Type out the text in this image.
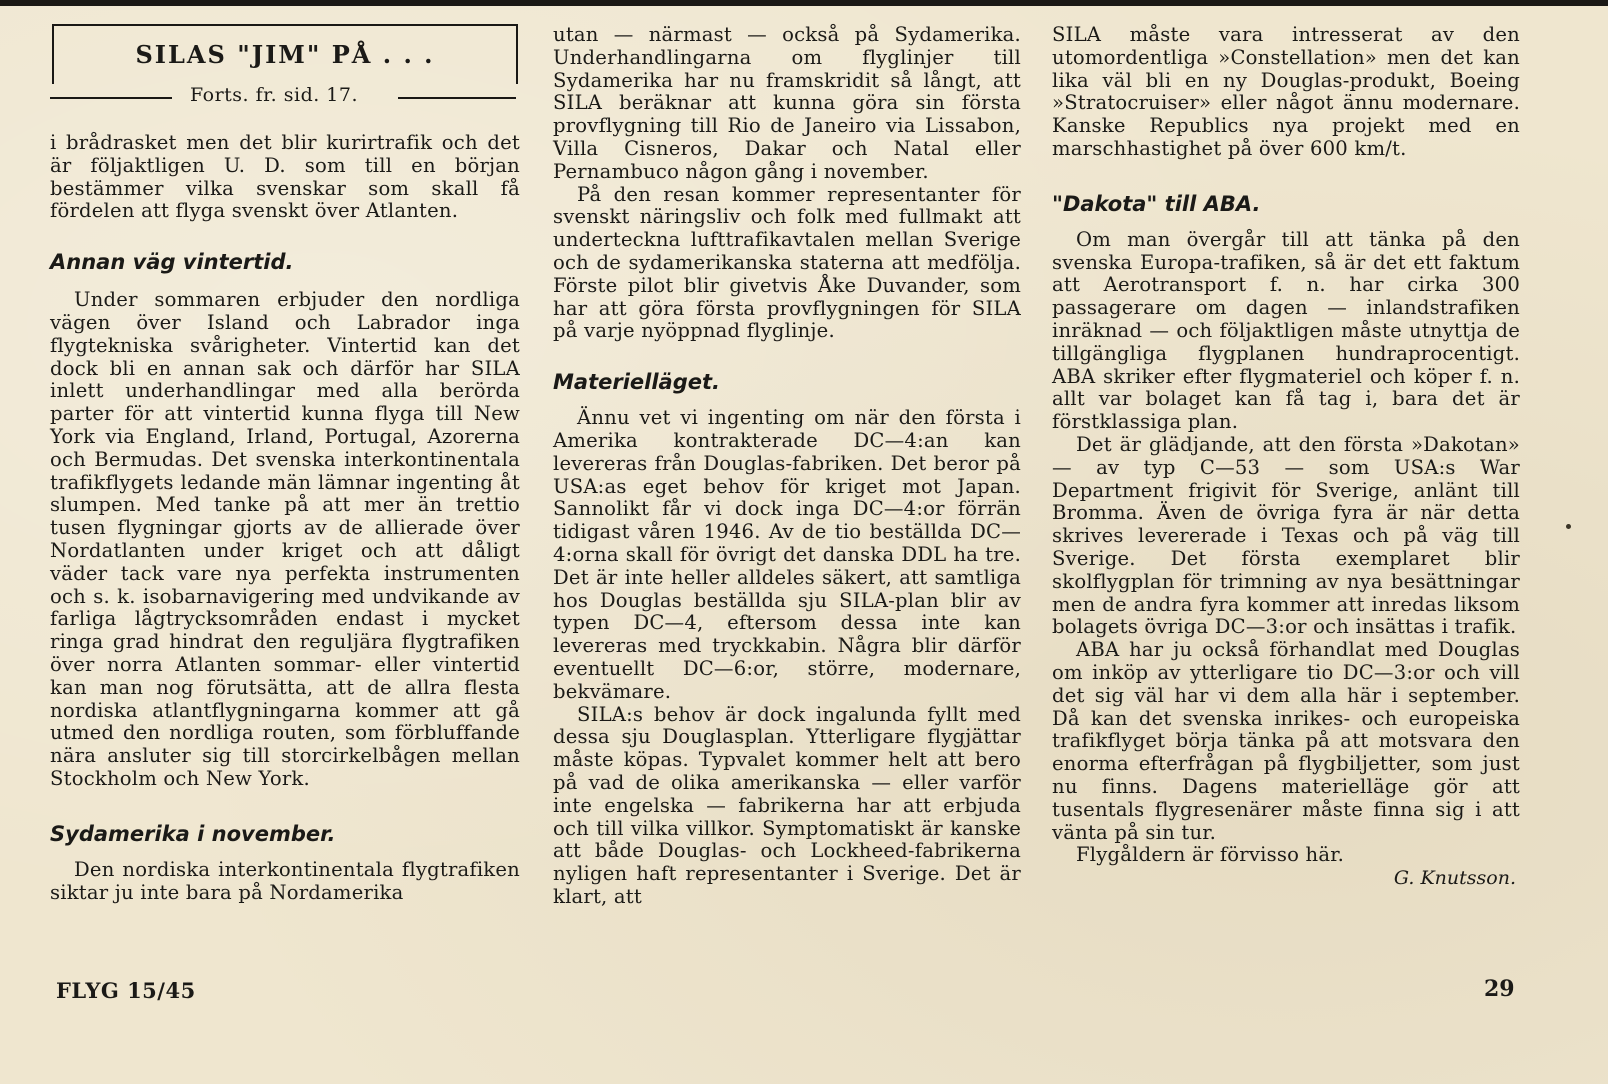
SILAS "JIM" PÅ . . .
Forts. fr. sid. 17.

i brådrasket men det blir kurirtrafik och det är följaktligen U. D. som till en början bestämmer vilka svenskar som skall få fördelen att flyga svenskt över Atlanten.

Annan väg vintertid.

Under sommaren erbjuder den nordliga vägen över Island och Labrador inga flygtekniska svårigheter. Vintertid kan det dock bli en annan sak och därför har SILA inlett underhandlingar med alla berörda parter för att vintertid kunna flyga till New York via England, Irland, Portugal, Azorerna och Bermudas. Det svenska interkontinentala trafikflygets ledande män lämnar ingenting åt slumpen. Med tanke på att mer än trettio tusen flygningar gjorts av de allierade över Nordatlanten under kriget och att dåligt väder tack vare nya perfekta instrumenten och s. k. isobarnavigering med undvikande av farliga lågtrycksområden endast i mycket ringa grad hindrat den reguljära flygtrafiken över norra Atlanten sommar- eller vintertid kan man nog förutsätta, att de allra flesta nordiska atlantflygningarna kommer att gå utmed den nordliga routen, som förbluffande nära ansluter sig till storcirkelbågen mellan Stockholm och New York.

Sydamerika i november.

Den nordiska interkontinentala flygtrafiken siktar ju inte bara på Nordamerika

utan — närmast — också på Sydamerika. Underhandlingarna om flyglinjer till Sydamerika har nu framskridit så långt, att SILA beräknar att kunna göra sin första provflygning till Rio de Janeiro via Lissabon, Villa Cisneros, Dakar och Natal eller Pernambuco någon gång i november.

På den resan kommer representanter för svenskt näringsliv och folk med fullmakt att underteckna lufttrafikavtalen mellan Sverige och de sydamerikanska staterna att medfölja. Förste pilot blir givetvis Åke Duvander, som har att göra första provflygningen för SILA på varje nyöppnad flyglinje.

Materielläget.

Ännu vet vi ingenting om när den första i Amerika kontrakterade DC—4:an kan levereras från Douglas-fabriken. Det beror på USA:as eget behov för kriget mot Japan. Sannolikt får vi dock inga DC—4:or förrän tidigast våren 1946. Av de tio beställda DC—4:orna skall för övrigt det danska DDL ha tre. Det är inte heller alldeles säkert, att samtliga hos Douglas beställda sju SILA-plan blir av typen DC—4, eftersom dessa inte kan levereras med tryckkabin. Några blir därför eventuellt DC—6:or, större, modernare, bekvämare.

SILA:s behov är dock ingalunda fyllt med dessa sju Douglasplan. Ytterligare flygjättar måste köpas. Typvalet kommer helt att bero på vad de olika amerikanska — eller varför inte engelska — fabrikerna har att erbjuda och till vilka villkor. Symptomatiskt är kanske att både Douglas- och Lockheed-fabrikerna nyligen haft representanter i Sverige. Det är klart, att

SILA måste vara intresserat av den utomordentliga »Constellation» men det kan lika väl bli en ny Douglas-produkt, Boeing »Stratocruiser» eller något ännu modernare. Kanske Republics nya projekt med en marschhastighet på över 600 km/t.

"Dakota" till ABA.

Om man övergår till att tänka på den svenska Europa-trafiken, så är det ett faktum att Aerotransport f. n. har cirka 300 passagerare om dagen — inlandstrafiken inräknad — och följaktligen måste utnyttja de tillgängliga flygplanen hundraprocentigt. ABA skriker efter flygmateriel och köper f. n. allt var bolaget kan få tag i, bara det är förstklassiga plan.

Det är glädjande, att den första »Dakotan» — av typ C—53 — som USA:s War Department frigivit för Sverige, anlänt till Bromma. Även de övriga fyra är när detta skrives levererade i Texas och på väg till Sverige. Det första exemplaret blir skolflygplan för trimning av nya besättningar men de andra fyra kommer att inredas liksom bolagets övriga DC—3:or och insättas i trafik.

ABA har ju också förhandlat med Douglas om inköp av ytterligare tio DC—3:or och vill det sig väl har vi dem alla här i september. Då kan det svenska inrikes- och europeiska trafikflyget börja tänka på att motsvara den enorma efterfrågan på flygbiljetter, som just nu finns. Dagens materielläge gör att tusentals flygresenärer måste finna sig i att vänta på sin tur.

Flygåldern är förvisso här.

G. Knutsson.
FLYG 15/45	29
